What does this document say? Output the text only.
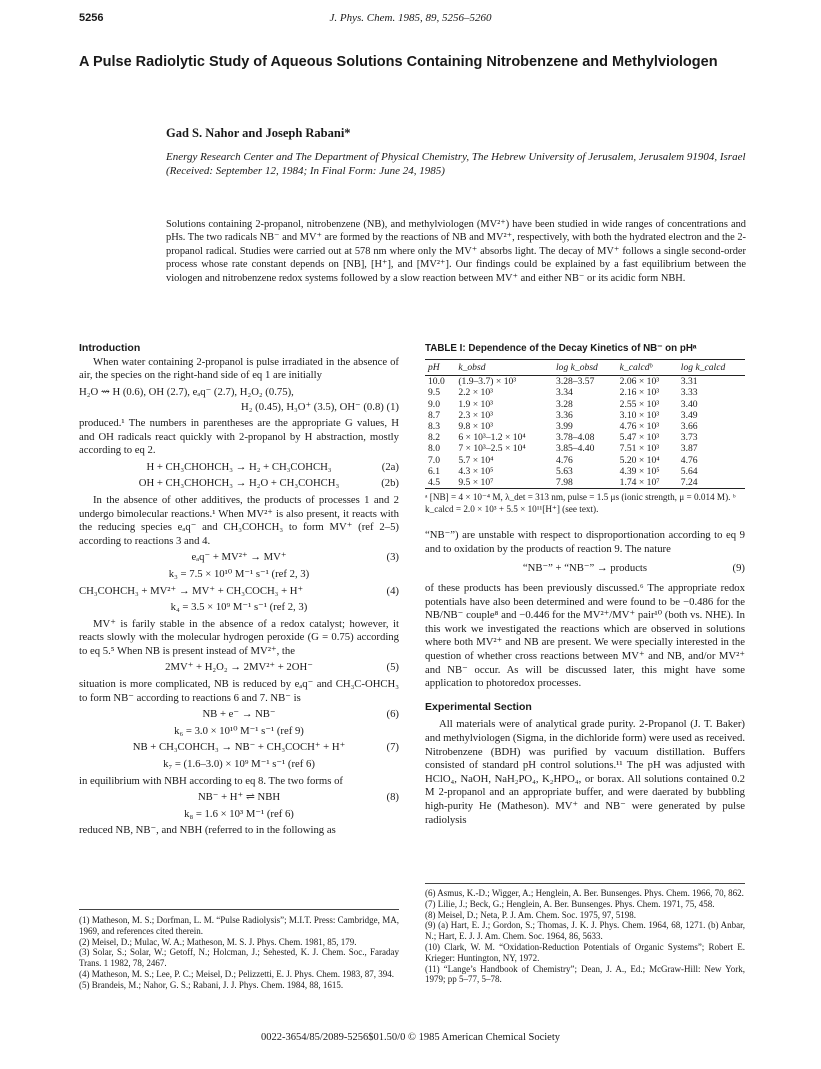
5256	J. Phys. Chem. 1985, 89, 5256–5260
A Pulse Radiolytic Study of Aqueous Solutions Containing Nitrobenzene and Methylviologen
Gad S. Nahor and Joseph Rabani*
Energy Research Center and The Department of Physical Chemistry, The Hebrew University of Jerusalem, Jerusalem 91904, Israel (Received: September 12, 1984; In Final Form: June 24, 1985)
Solutions containing 2-propanol, nitrobenzene (NB), and methylviologen (MV²⁺) have been studied in wide ranges of concentrations and pHs. The two radicals NB⁻ and MV⁺ are formed by the reactions of NB and MV²⁺, respectively, with both the hydrated electron and the 2-propanol radical. Studies were carried out at 578 nm where only the MV⁺ absorbs light. The decay of MV⁺ follows a single second-order process whose rate constant depends on [NB], [H⁺], and [MV²⁺]. Our findings could be explained by a fast equilibrium between the viologen and nitrobenzene redox systems followed by a slow reaction between MV⁺ and either NB⁻ or its acidic form NBH.
Introduction

When water containing 2-propanol is pulse irradiated in the absence of air, the species on the right-hand side of eq 1 are initially

H₂O ⇝ H (0.6), OH (2.7), eₐq⁻ (2.7), H₂O₂ (0.75),
H₂ (0.45), H₃O⁺ (3.5), OH⁻ (0.8) (1)

produced.¹ The numbers in parentheses are the appropriate G values, H and OH radicals react quickly with 2-propanol by H abstraction, mostly according to eq 2.

H + CH₃CHOHCH₃ → H₂ + CH₃COHCH₃	(2a)
OH + CH₃CHOHCH₃ → H₂O + CH₃COHCH₃	(2b)

In the absence of other additives, the products of processes 1 and 2 undergo bimolecular reactions.¹ When MV²⁺ is also present, it reacts with the reducing species eₐq⁻ and CH₃COHCH₃ to form MV⁺ (ref 2–5) according to reactions 3 and 4.

eₐq⁻ + MV²⁺ → MV⁺	(3)
k₃ = 7.5 × 10¹⁰ M⁻¹ s⁻¹ (ref 2, 3)
CH₃COHCH₃ + MV²⁺ → MV⁺ + CH₃COCH₃ + H⁺	(4)
k₄ = 3.5 × 10⁹ M⁻¹ s⁻¹ (ref 2, 3)

MV⁺ is farily stable in the absence of a redox catalyst; however, it reacts slowly with the molecular hydrogen peroxide (G = 0.75) according to eq 5.⁵ When NB is present instead of MV²⁺, the

2MV⁺ + H₂O₂ → 2MV²⁺ + 2OH⁻	(5)

situation is more complicated, NB is reduced by eₐq⁻ and CH₃C-OHCH₃ to form NB⁻ according to reactions 6 and 7. NB⁻ is

NB + e⁻ → NB⁻	(6)
k₆ = 3.0 × 10¹⁰ M⁻¹ s⁻¹ (ref 9)
NB + CH₃COHCH₃ → NB⁻ + CH₃COCH⁺ + H⁺	(7)
k₇ = (1.6–3.0) × 10⁹ M⁻¹ s⁻¹ (ref 6)

in equilibrium with NBH according to eq 8. The two forms of

NB⁻ + H⁺ ⇌ NBH	(8)
k₈ = 1.6 × 10³ M⁻¹ (ref 6)

reduced NB, NB⁻, and NBH (referred to in the following as

TABLE I: Dependence of the Decay Kinetics of NB⁻ on pHᵃ
pH	k_obsd	log k_obsd	k_calcdᵇ	log k_calcd
10.0	(1.9–3.7) × 10³	3.28–3.57	2.06 × 10³	3.31
9.5	2.2 × 10³	3.34	2.16 × 10³	3.33
9.0	1.9 × 10³	3.28	2.55 × 10³	3.40
8.7	2.3 × 10³	3.36	3.10 × 10³	3.49
8.3	9.8 × 10³	3.99	4.76 × 10³	3.66
8.2	6 × 10³–1.2 × 10⁴	3.78–4.08	5.47 × 10³	3.73
8.0	7 × 10³–2.5 × 10⁴	3.85–4.40	7.51 × 10³	3.87
7.0	5.7 × 10⁴	4.76	5.20 × 10⁴	4.76
6.1	4.3 × 10⁵	5.63	4.39 × 10⁵	5.64
4.5	9.5 × 10⁷	7.98	1.74 × 10⁷	7.24
ᵃ [NB] = 4 × 10⁻⁴ M, λ_det = 313 nm, pulse = 1.5 μs (ionic strength, μ = 0.014 M). ᵇ k_calcd = 2.0 × 10³ + 5.5 × 10¹¹[H⁺] (see text).

“NB⁻”) are unstable with respect to disproportionation according to eq 9 and to oxidation by the products of reaction 9. The nature

“NB⁻” + “NB⁻” → products	(9)

of these products has been previously discussed.⁶ The appropriate redox potentials have also been determined and were found to be −0.486 for the NB/NB⁻ couple⁸ and −0.446 for the MV²⁺/MV⁺ pair¹⁰ (both vs. NHE). In this work we investigated the reactions which are observed in solutions where both MV²⁺ and NB are present. We were specially interested in the question of whether cross reactions between MV⁺ and NB, and/or MV²⁺ and NB⁻ occur. As will be discussed later, this might have some application to photoredox processes.

Experimental Section

All materials were of analytical grade purity. 2-Propanol (J. T. Baker) and methylviologen (Sigma, in the dichloride form) were used as received. Nitrobenzene (BDH) was purified by vacuum distillation. Buffers consisted of standard pH control solutions.¹¹ The pH was adjusted with HClO₄, NaOH, NaH₂PO₄, K₂HPO₄, or borax. All solutions contained 0.2 M 2-propanol and an appropriate buffer, and were daerated by bubbling high-purity He (Matheson). MV⁺ and NB⁻ were generated by pulse radiolysis

(1) Matheson, M. S.; Dorfman, L. M. “Pulse Radiolysis”; M.I.T. Press: Cambridge, MA, 1969, and references cited therein.
(2) Meisel, D.; Mulac, W. A.; Matheson, M. S. J. Phys. Chem. 1981, 85, 179.
(3) Solar, S.; Solar, W.; Getoff, N.; Holcman, J.; Sehested, K. J. Chem. Soc., Faraday Trans. 1 1982, 78, 2467.
(4) Matheson, M. S.; Lee, P. C.; Meisel, D.; Pelizzetti, E. J. Phys. Chem. 1983, 87, 394.
(5) Brandeis, M.; Nahor, G. S.; Rabani, J. J. Phys. Chem. 1984, 88, 1615.
(6) Asmus, K.-D.; Wigger, A.; Henglein, A. Ber. Bunsenges. Phys. Chem. 1966, 70, 862.
(7) Lilie, J.; Beck, G.; Henglein, A. Ber. Bunsenges. Phys. Chem. 1971, 75, 458.
(8) Meisel, D.; Neta, P. J. Am. Chem. Soc. 1975, 97, 5198.
(9) (a) Hart, E. J.; Gordon, S.; Thomas, J. K. J. Phys. Chem. 1964, 68, 1271. (b) Anbar, N.; Hart, E. J. J. Am. Chem. Soc. 1964, 86, 5633.
(10) Clark, W. M. “Oxidation-Reduction Potentials of Organic Systems”; Robert E. Krieger: Huntington, NY, 1972.
(11) “Lange’s Handbook of Chemistry”; Dean, J. A., Ed.; McGraw-Hill: New York, 1979; pp 5–77, 5–78.
0022-3654/85/2089-5256$01.50/0 © 1985 American Chemical Society
